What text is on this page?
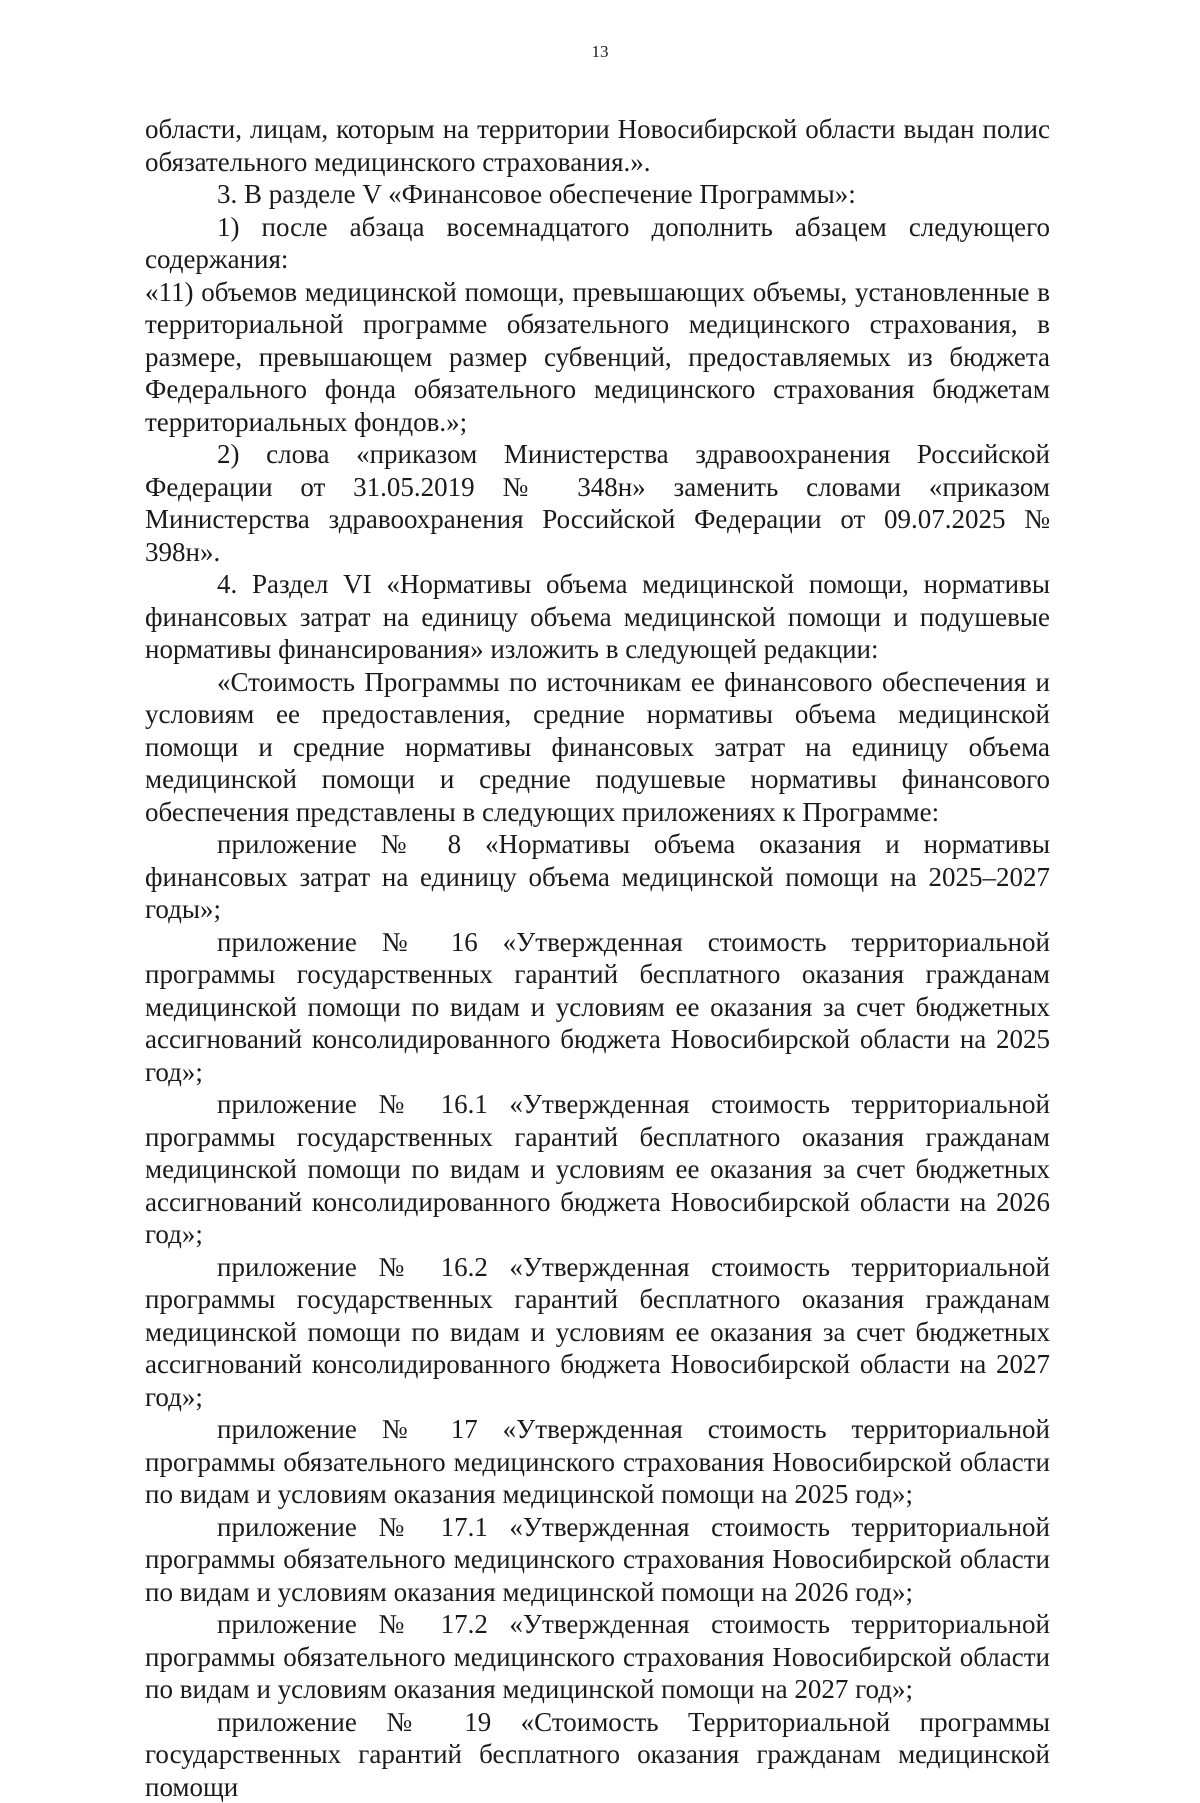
13

области, лицам, которым на территории Новосибирской области выдан полис обязательного медицинского страхования.».

3. В разделе V «Финансовое обеспечение Программы»:

1) после абзаца восемнадцатого дополнить абзацем следующего содержания:

«11) объемов медицинской помощи, превышающих объемы, установленные в территориальной программе обязательного медицинского страхования, в размере, превышающем размер субвенций, предоставляемых из бюджета Федерального фонда обязательного медицинского страхования бюджетам территориальных фондов.»;

2) слова «приказом Министерства здравоохранения Российской Федерации от 31.05.2019 № 348н» заменить словами «приказом Министерства здравоохранения Российской Федерации от 09.07.2025 № 398н».

4. Раздел VI «Нормативы объема медицинской помощи, нормативы финансовых затрат на единицу объема медицинской помощи и подушевые нормативы финансирования» изложить в следующей редакции:

«Стоимость Программы по источникам ее финансового обеспечения и условиям ее предоставления, средние нормативы объема медицинской помощи и средние нормативы финансовых затрат на единицу объема медицинской помощи и средние подушевые нормативы финансового обеспечения представлены в следующих приложениях к Программе:

приложение № 8 «Нормативы объема оказания и нормативы финансовых затрат на единицу объема медицинской помощи на 2025–2027 годы»;

приложение № 16 «Утвержденная стоимость территориальной программы государственных гарантий бесплатного оказания гражданам медицинской помощи по видам и условиям ее оказания за счет бюджетных ассигнований консолидированного бюджета Новосибирской области на 2025 год»;

приложение № 16.1 «Утвержденная стоимость территориальной программы государственных гарантий бесплатного оказания гражданам медицинской помощи по видам и условиям ее оказания за счет бюджетных ассигнований консолидированного бюджета Новосибирской области на 2026 год»;

приложение № 16.2 «Утвержденная стоимость территориальной программы государственных гарантий бесплатного оказания гражданам медицинской помощи по видам и условиям ее оказания за счет бюджетных ассигнований консолидированного бюджета Новосибирской области на 2027 год»;

приложение № 17 «Утвержденная стоимость территориальной программы обязательного медицинского страхования Новосибирской области по видам и условиям оказания медицинской помощи на 2025 год»;

приложение № 17.1 «Утвержденная стоимость территориальной программы обязательного медицинского страхования Новосибирской области по видам и условиям оказания медицинской помощи на 2026 год»;

приложение № 17.2 «Утвержденная стоимость территориальной программы обязательного медицинского страхования Новосибирской области по видам и условиям оказания медицинской помощи на 2027 год»;

приложение № 19 «Стоимость Территориальной программы государственных гарантий бесплатного оказания гражданам медицинской помощи
